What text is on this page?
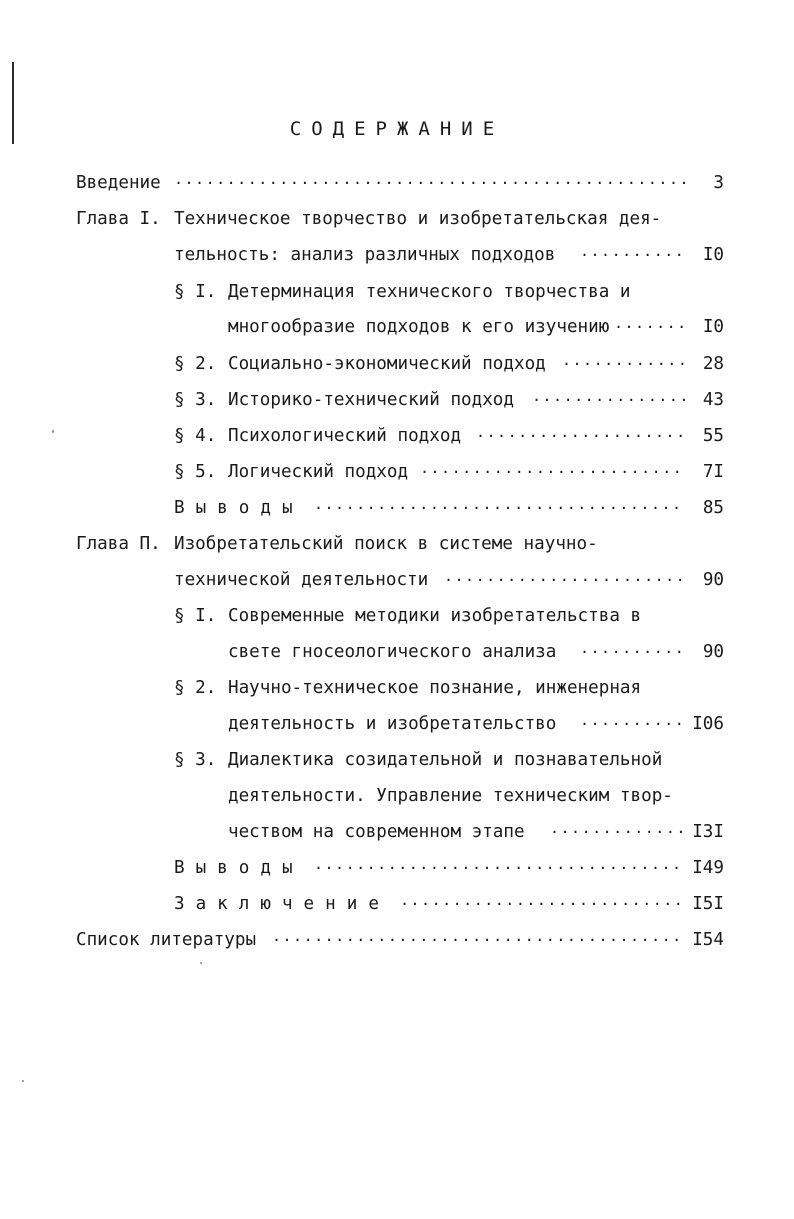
СОДЕРЖАНИЕ
Введение .....	3
Глава I. Техническое творчество и изобретательская дея-
тельность: анализ различных подходов .....	I0
§ I. Детерминация технического творчества и
многообразие подходов к его изучению .....	I0
§ 2. Социально-экономический подход .....	28
§ 3. Историко-технический подход .....	43
§ 4. Психологический подход .....	55
§ 5. Логический подход .....	7I
Выводы .....	85
Глава П. Изобретательский поиск в системе научно-
технической деятельности .....	90
§ I. Современные методики изобретательства в
свете гносеологического анализа .....	90
§ 2. Научно-техническое познание, инженерная
деятельность и изобретательство .....	I06
§ 3. Диалектика созидательной и познавательной
деятельности. Управление техническим твор-
чеством на современном этапе .....	I3I
Выводы .....	I49
Заключение .....	I5I
Список литературы .....	I54
